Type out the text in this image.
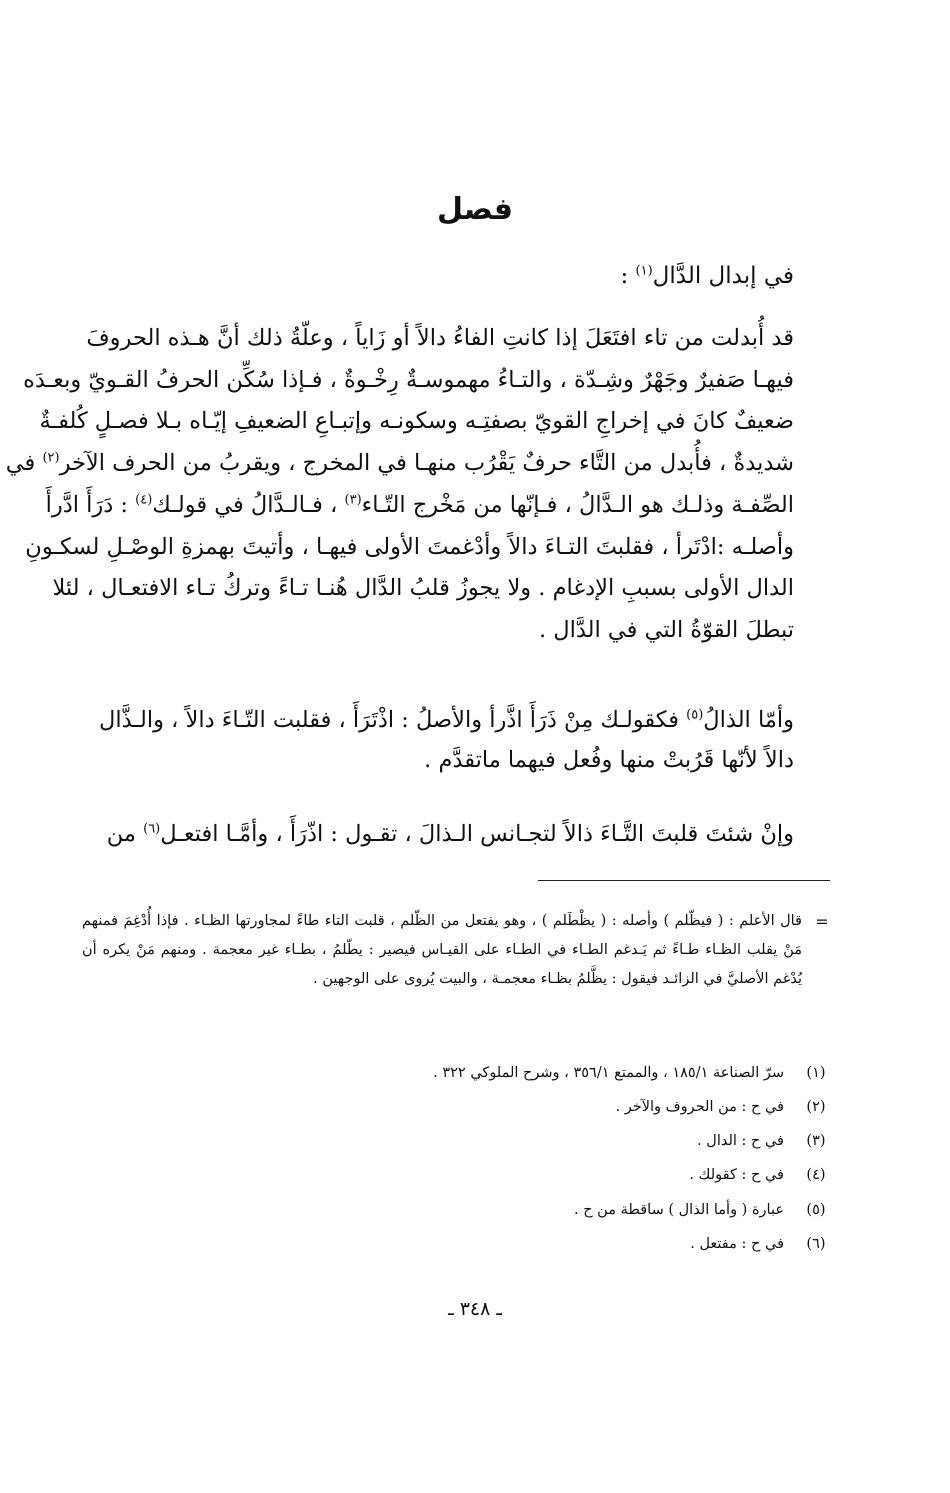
فصل
في إبدال الدَّال$^{(١)}$ :
قد أُبدلت من تاء افتَعَلَ إذا كانتِ الفاءُ دالاً أو زَاياً ، وعلّةُ ذلك أنَّ هـذه الحروفَ
فيهـا صَفيرٌ وجَهْرٌ وشِـدّة ، والتـاءُ مهموسـةٌ رِخْـوةٌ ، فـإذا سُكِّن الحرفُ القـويّ وبعـدَه
ضعيفٌ كانَ في إخراجِ القويّ بصفتِـه وسكونـه وإتبـاعِ الضعيفِ إيّـاه بـلا فصـلٍ كُلفـةٌ
شديدةٌ ، فأُبدل من التَّاء حرفٌ يَقْرُب منهـا في المخرج ، ويقربُ من الحرف الآخر$^{(٢)}$ في
الصِّفـة وذلـك هو الـدَّالُ ، فـإنّها من مَخْرج التّـاء$^{(٣)}$ ، فـالـدَّالُ في قولـك$^{(٤)}$ : دَرَأَ ادَّرأَ
وأصلـه :ادْتَرأ ، فقلبتَ التـاءَ دالاً وأدْغمتَ الأولى فيهـا ، وأتيتَ بهمزةِ الوصْـلِ لسكـونِ
الدال الأولى بسببِ الإدغام . ولا يجوزُ قلبُ الدَّال هُنـا تـاءً وتركُ تـاء الافتعـال ، لئلا
تبطلَ القوّةُ التي في الدَّال .
وأمّا الذالُ$^{(٥)}$ فكقولـك مِنْ ذَرَأَ اذَّرأ والأصلُ : اذْتَرَأَ ، فقلبت التّـاءَ دالاً ، والـذَّال
دالاً لأنّها قَرُبتْ منها وفُعل فيهما ماتقدَّم .
وإنْ شئتَ قلبتَ التَّـاءَ ذالاً لتجـانس الـذالَ ، تقـول : اذّرَأَ ، وأمَّـا افتعـل$^{(٦)}$ من
=
قال الأعلم : ( فيظّلم ) وأصله : ( يظْطَلم ) ، وهو يفتعل من الظّلم ، قلبت التاء طاءً لمجاورتها الظـاء . فإذا أُدْغِمَ فمنهم مَنْ يقلب الظـاء طـاءً ثم يَـدغم الطـاء في الطـاء على القيـاس فيصير : يطّلمُ ، بطـاء غير معجمة . ومنهم مَنْ يكره أن يُدْغم الأصليَّ في الزائـد فيقول : يظَّلمُ بظـاء معجمـة ، والبيت يُروى على الوجهين .
(١)
سرّ الصناعة ١٨٥/١ ، والممتع ٣٥٦/١ ، وشرح الملوكي ٣٢٢ .
(٢)
في ح : من الحروف والآخر .
(٣)
في ح : الدال .
(٤)
في ح : كقولك .
(٥)
عبارة ( وأما الذال ) ساقطة من ح .
(٦)
في ح : مفتعل .
ـ ٣٤٨ ـ
